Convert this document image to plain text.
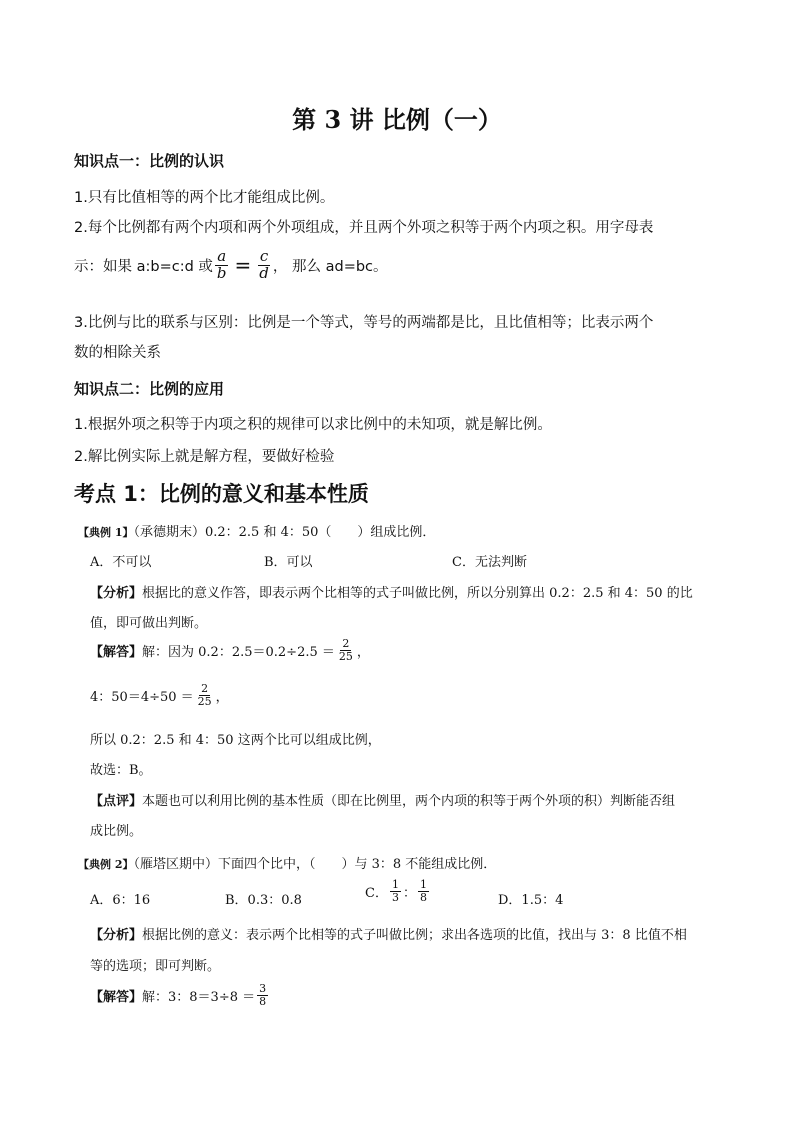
第 3 讲 比例（一）
知识点一：比例的认识
1.只有比值相等的两个比才能组成比例。
2.每个比例都有两个内项和两个外项组成，并且两个外项之积等于两个内项之积。用字母表
示：如果 a:b=c:d 或 $\frac{a}{b} = \frac{c}{d}$ ， 那么 ad=bc。
3.比例与比的联系与区别：比例是一个等式，等号的两端都是比，且比值相等；比表示两个
数的相除关系
知识点二：比例的应用
1.根据外项之积等于内项之积的规律可以求比例中的未知项，就是解比例。
2.解比例实际上就是解方程，要做好检验
考点 1：比例的意义和基本性质
【典例 1】（承德期末）0.2：2.5 和 4：50（　　）组成比例．
A．不可以	B．可以	C．无法判断
【分析】根据比的意义作答，即表示两个比相等的式子叫做比例，所以分别算出 0.2：2.5 和 4：50 的比
值，即可做出判断。
【解答】 解：因为 0.2：$2.5=0.2\div 2.5 = \frac{2}{25}$ ，
4：$50=4\div 50 = \frac{2}{25}$ ，
所以 0.2：2.5 和 4：50 这两个比可以组成比例，
故选：B。
【点评】本题也可以利用比例的基本性质（即在比例里，两个内项的积等于两个外项的积）判断能否组
成比例。
【典例 2】（雁塔区期中）下面四个比中，（　　）与 3：8 不能组成比例．
A．6：16	B．0.3：0.8	C． $\frac{1}{3}$ ： $\frac{1}{8}$	D．1.5：4
【分析】根据比例的意义：表示两个比相等的式子叫做比例；求出各选项的比值，找出与 3：8 比值不相
等的选项；即可判断。
【解答】 解：3：$8=3\div 8 = \frac{3}{8}$
